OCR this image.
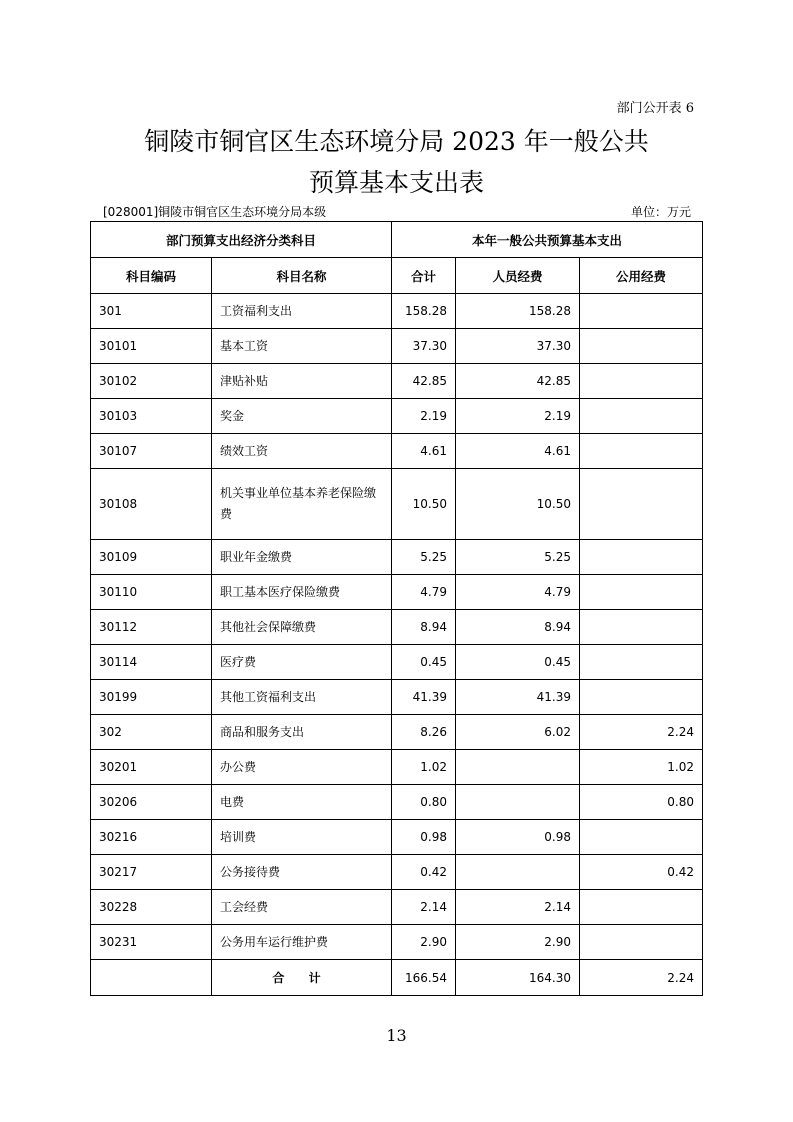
部门公开表 6
铜陵市铜官区生态环境分局 2023 年一般公共
预算基本支出表
[028001]铜陵市铜官区生态环境分局本级	单位：万元
部门预算支出经济分类科目		本年一般公共预算基本支出		
科目编码	科目名称	合计	人员经费	公用经费
301	工资福利支出	158.28	158.28	
30101	基本工资	37.30	37.30	
30102	津贴补贴	42.85	42.85	
30103	奖金	2.19	2.19	
30107	绩效工资	4.61	4.61	
30108	机关事业单位基本养老保险缴费	10.50	10.50	
30109	职业年金缴费	5.25	5.25	
30110	职工基本医疗保险缴费	4.79	4.79	
30112	其他社会保障缴费	8.94	8.94	
30114	医疗费	0.45	0.45	
30199	其他工资福利支出	41.39	41.39	
302	商品和服务支出	8.26	6.02	2.24
30201	办公费	1.02		1.02
30206	电费	0.80		0.80
30216	培训费	0.98	0.98	
30217	公务接待费	0.42		0.42
30228	工会经费	2.14	2.14	
30231	公务用车运行维护费	2.90	2.90	
	合 计	166.54	164.30	2.24
13
